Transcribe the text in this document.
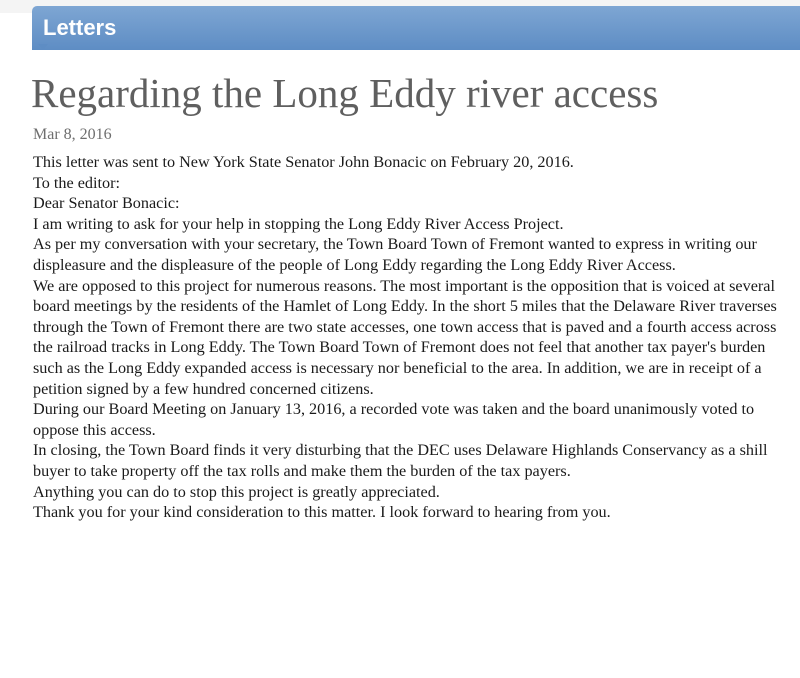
Letters
Regarding the Long Eddy river access
Mar 8, 2016

This letter was sent to New York State Senator John Bonacic on February 20, 2016.

To the editor:

Dear Senator Bonacic:

I am writing to ask for your help in stopping the Long Eddy River Access Project.

As per my conversation with your secretary, the Town Board Town of Fremont wanted to express in writing our displeasure and the displeasure of the people of Long Eddy regarding the Long Eddy River Access.

We are opposed to this project for numerous reasons. The most important is the opposition that is voiced at several board meetings by the residents of the Hamlet of Long Eddy. In the short 5 miles that the Delaware River traverses through the Town of Fremont there are two state accesses, one town access that is paved and a fourth access across the railroad tracks in Long Eddy. The Town Board Town of Fremont does not feel that another tax payer's burden such as the Long Eddy expanded access is necessary nor beneficial to the area. In addition, we are in receipt of a petition signed by a few hundred concerned citizens.

During our Board Meeting on January 13, 2016, a recorded vote was taken and the board unanimously voted to oppose this access.

In closing, the Town Board finds it very disturbing that the DEC uses Delaware Highlands Conservancy as a shill buyer to take property off the tax rolls and make them the burden of the tax payers.

Anything you can do to stop this project is greatly appreciated.

Thank you for your kind consideration to this matter. I look forward to hearing from you.
